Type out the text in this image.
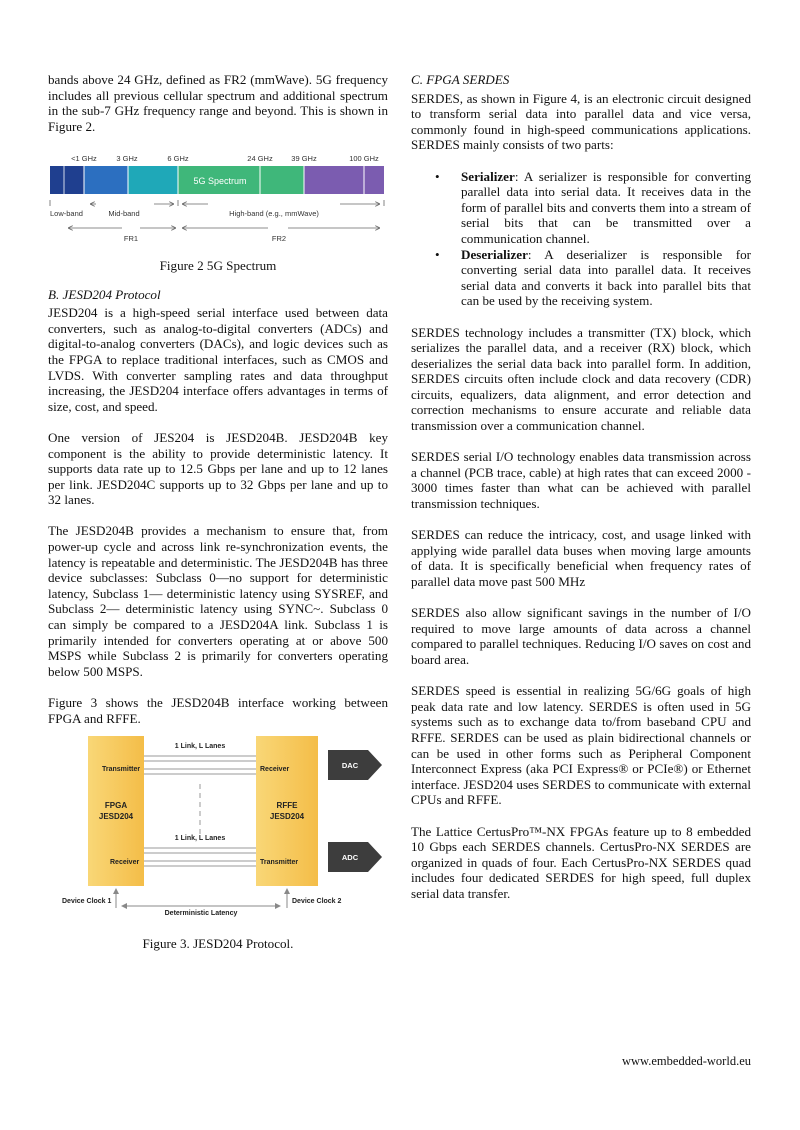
bands above 24 GHz, defined as FR2 (mmWave). 5G frequency includes all previous cellular spectrum and additional spectrum in the sub-7 GHz frequency range and beyond. This is shown in Figure 2.

<1 GHz	3 GHz	6 GHz	24 GHz 39 GHz	100 GHz
5G Spectrum
Low-band	Mid-band	High-band (e.g., mmWave)
FR1	FR2

Figure 2 5G Spectrum

B. JESD204 Protocol

JESD204 is a high-speed serial interface used between data converters, such as analog-to-digital converters (ADCs) and digital-to-analog converters (DACs), and logic devices such as the FPGA to replace traditional interfaces, such as CMOS and LVDS. With converter sampling rates and data throughput increasing, the JESD204 interface offers advantages in terms of size, cost, and speed.

One version of JES204 is JESD204B. JESD204B key component is the ability to provide deterministic latency. It supports data rate up to 12.5 Gbps per lane and up to 12 lanes per link. JESD204C supports up to 32 Gbps per lane and up to 32 lanes.

The JESD204B provides a mechanism to ensure that, from power-up cycle and across link re-synchronization events, the latency is repeatable and deterministic. The JESD204B has three device subclasses: Subclass 0—no support for deterministic latency, Subclass 1— deterministic latency using SYSREF, and Subclass 2— deterministic latency using SYNC~. Subclass 0 can simply be compared to a JESD204A link. Subclass 1 is primarily intended for converters operating at or above 500 MSPS while Subclass 2 is primarily for converters operating below 500 MSPS.

Figure 3 shows the JESD204B interface working between FPGA and RFFE.

Transmitter
FPGA
JESD204
Receiver
Receiver
RFFE
JESD204
Transmitter
1 Link, L Lanes
1 Link, L Lanes
DAC
ADC
Device Clock 1	Device Clock 2
Deterministic Latency

Figure 3. JESD204 Protocol.

C. FPGA SERDES

SERDES, as shown in Figure 4, is an electronic circuit designed to transform serial data into parallel data and vice versa, commonly found in high-speed communications applications. SERDES mainly consists of two parts:

• Serializer: A serializer is responsible for converting parallel data into serial data. It receives data in the form of parallel bits and converts them into a stream of serial bits that can be transmitted over a communication channel.
• Deserializer: A deserializer is responsible for converting serial data into parallel data. It receives serial data and converts it back into parallel bits that can be used by the receiving system.

SERDES technology includes a transmitter (TX) block, which serializes the parallel data, and a receiver (RX) block, which deserializes the serial data back into parallel form. In addition, SERDES circuits often include clock and data recovery (CDR) circuits, equalizers, data alignment, and error detection and correction mechanisms to ensure accurate and reliable data transmission over a communication channel.

SERDES serial I/O technology enables data transmission across a channel (PCB trace, cable) at high rates that can exceed 2000 - 3000 times faster than what can be achieved with parallel transmission techniques.

SERDES can reduce the intricacy, cost, and usage linked with applying wide parallel data buses when moving large amounts of data. It is specifically beneficial when frequency rates of parallel data move past 500 MHz

SERDES also allow significant savings in the number of I/O required to move large amounts of data across a channel compared to parallel techniques. Reducing I/O saves on cost and board area.

SERDES speed is essential in realizing 5G/6G goals of high peak data rate and low latency. SERDES is often used in 5G systems such as to exchange data to/from baseband CPU and RFFE. SERDES can be used as plain bidirectional channels or can be used in other forms such as Peripheral Component Interconnect Express (aka PCI Express® or PCIe®) or Ethernet interface. JESD204 uses SERDES to communicate with external CPUs and RFFE.

The Lattice CertusPro™-NX FPGAs feature up to 8 embedded 10 Gbps each SERDES channels. CertusPro-NX SERDES are organized in quads of four. Each CertusPro-NX SERDES quad includes four dedicated SERDES for high speed, full duplex serial data transfer.

www.embedded-world.eu
